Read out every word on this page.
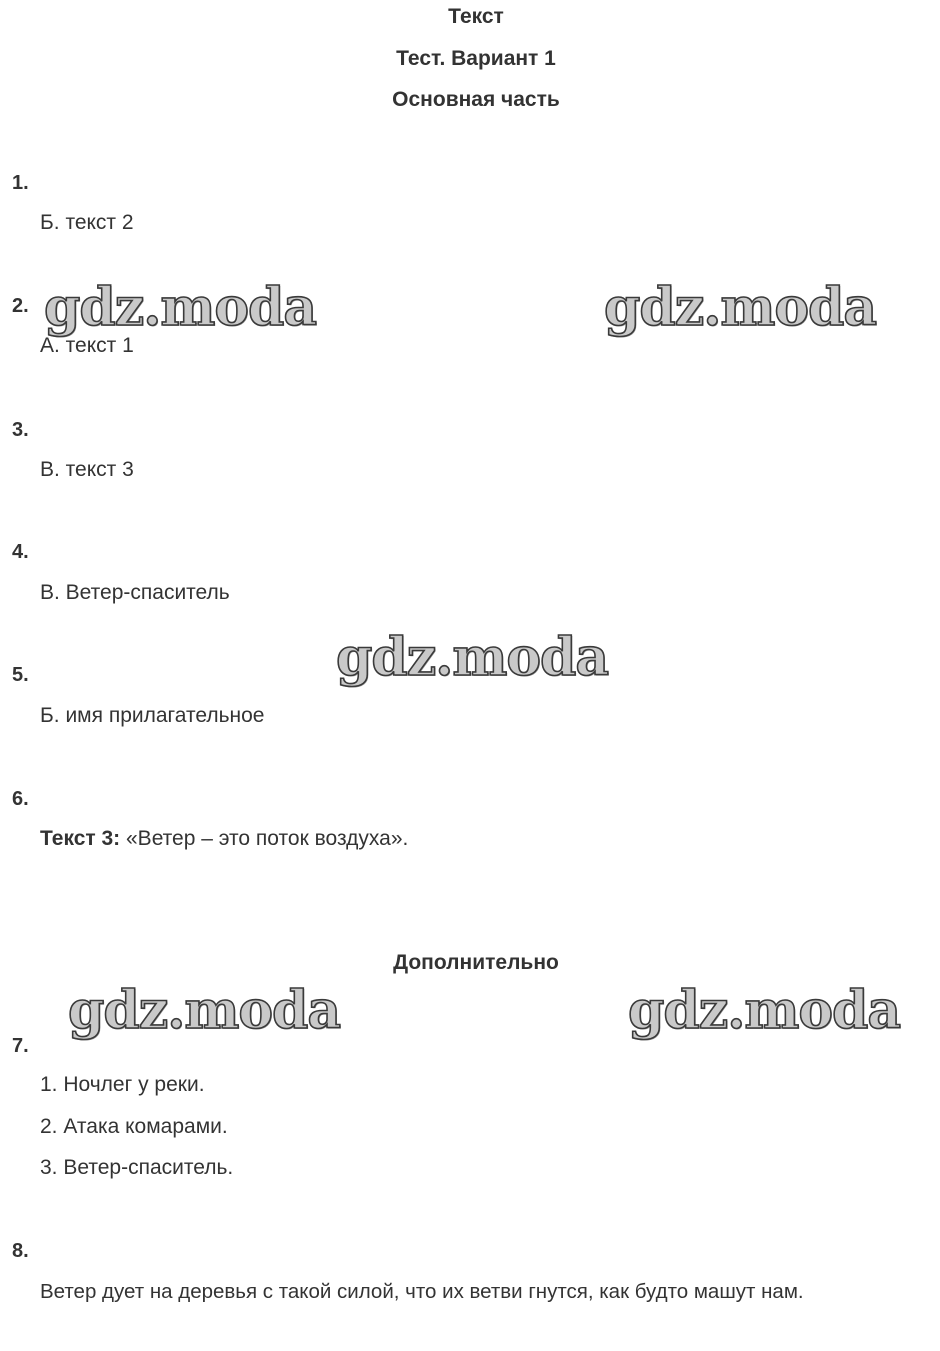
Текст
Тест. Вариант 1
Основная часть
1.
Б. текст 2
2.
А. текст 1
3.
В. текст 3
4.
В. Ветер-спаситель
5.
Б. имя прилагательное
6.
Текст 3: «Ветер – это поток воздуха».
Дополнительно
7.
1. Ночлег у реки.
2. Атака комарами.
3. Ветер-спаситель.
8.
Ветер дует на деревья с такой силой, что их ветви гнутся, как будто машут нам.
gdz.moda	gdz.moda
gdz.moda
gdz.moda	gdz.moda
